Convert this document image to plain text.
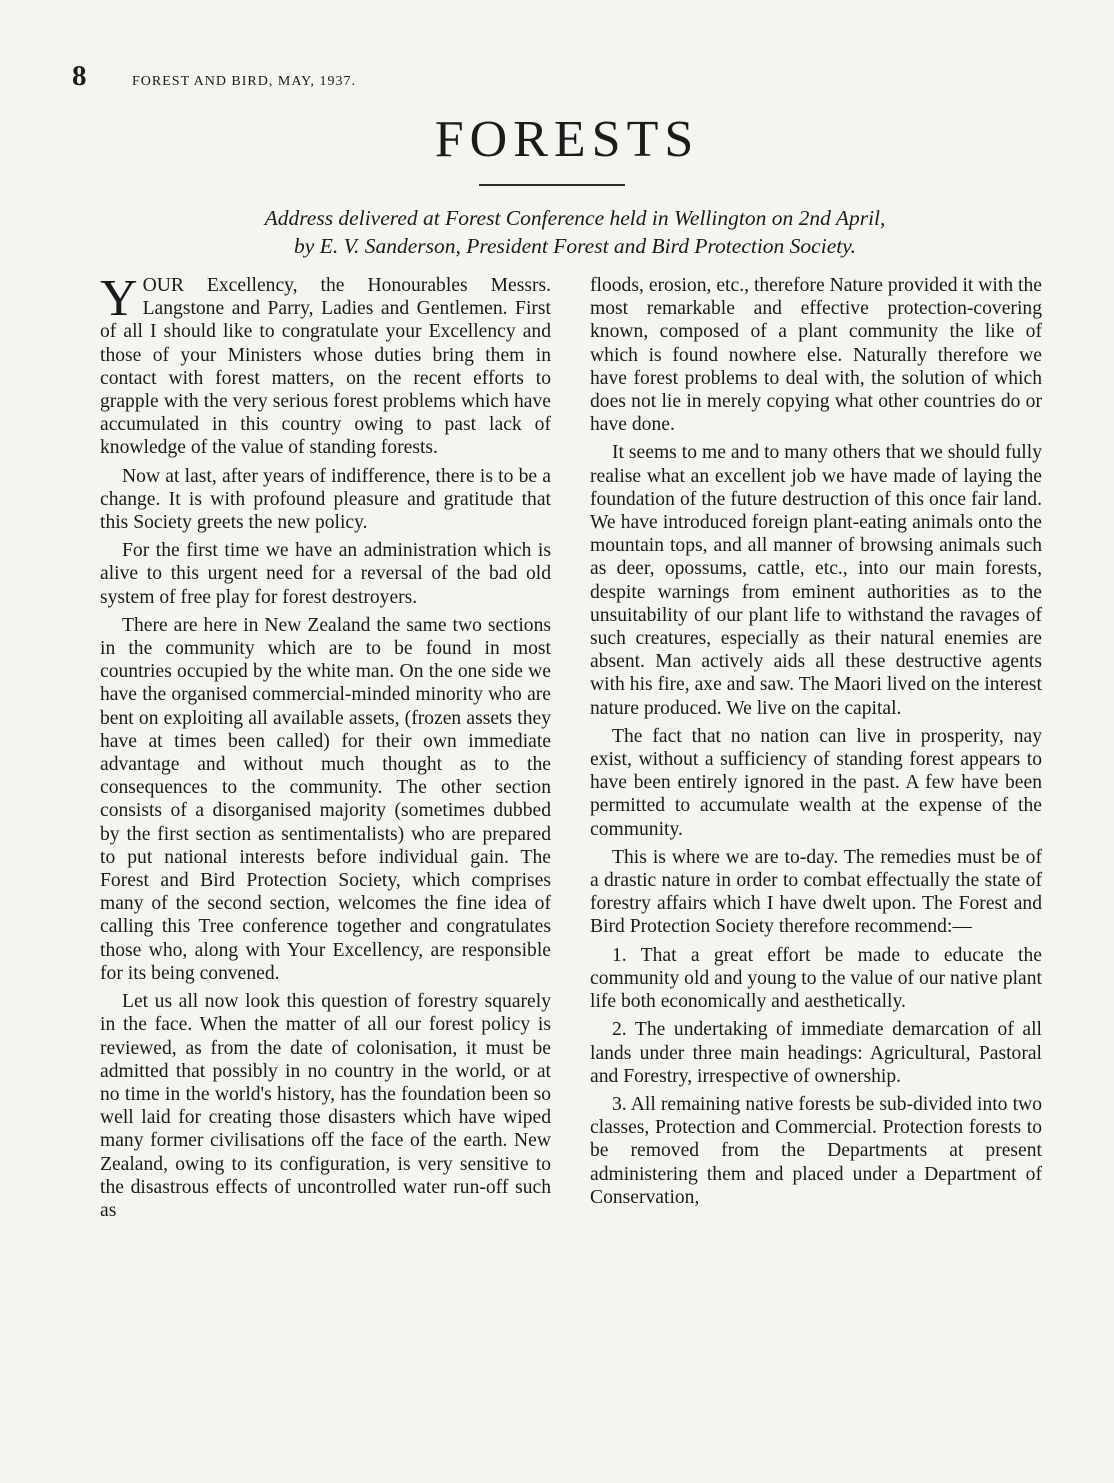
8	FOREST AND BIRD, MAY, 1937.
FORESTS
Address delivered at Forest Conference held in Wellington on 2nd April,
by E. V. Sanderson, President Forest and Bird Protection Society.

YOUR Excellency, the Honourables Messrs. Langstone and Parry, Ladies and Gentlemen. First of all I should like to congratulate your Excellency and those of your Ministers whose duties bring them in contact with forest matters, on the recent efforts to grapple with the very serious forest problems which have accumulated in this country owing to past lack of knowledge of the value of standing forests.

Now at last, after years of indifference, there is to be a change. It is with profound pleasure and gratitude that this Society greets the new policy.

For the first time we have an administration which is alive to this urgent need for a reversal of the bad old system of free play for forest destroyers.

There are here in New Zealand the same two sections in the community which are to be found in most countries occupied by the white man. On the one side we have the organised commercial-minded minority who are bent on exploiting all available assets, (frozen assets they have at times been called) for their own immediate advantage and without much thought as to the consequences to the community. The other section consists of a disorganised majority (sometimes dubbed by the first section as sentimentalists) who are prepared to put national interests before individual gain. The Forest and Bird Protection Society, which comprises many of the second section, welcomes the fine idea of calling this Tree conference together and congratulates those who, along with Your Excellency, are responsible for its being convened.

Let us all now look this question of forestry squarely in the face. When the matter of all our forest policy is reviewed, as from the date of colonisation, it must be admitted that possibly in no country in the world, or at no time in the world's history, has the foundation been so well laid for creating those disasters which have wiped many former civilisations off the face of the earth. New Zealand, owing to its configuration, is very sensitive to the disastrous effects of uncontrolled water run-off such as

floods, erosion, etc., therefore Nature provided it with the most remarkable and effective protection-covering known, composed of a plant community the like of which is found nowhere else. Naturally therefore we have forest problems to deal with, the solution of which does not lie in merely copying what other countries do or have done.

It seems to me and to many others that we should fully realise what an excellent job we have made of laying the foundation of the future destruction of this once fair land. We have introduced foreign plant-eating animals onto the mountain tops, and all manner of browsing animals such as deer, opossums, cattle, etc., into our main forests, despite warnings from eminent authorities as to the unsuitability of our plant life to withstand the ravages of such creatures, especially as their natural enemies are absent. Man actively aids all these destructive agents with his fire, axe and saw. The Maori lived on the interest nature produced. We live on the capital.

The fact that no nation can live in prosperity, nay exist, without a sufficiency of standing forest appears to have been entirely ignored in the past. A few have been permitted to accumulate wealth at the expense of the community.

This is where we are to-day. The remedies must be of a drastic nature in order to combat effectually the state of forestry affairs which I have dwelt upon. The Forest and Bird Protection Society therefore recommend:—

1. That a great effort be made to educate the community old and young to the value of our native plant life both economically and aesthetically.

2. The undertaking of immediate demarcation of all lands under three main headings: Agricultural, Pastoral and Forestry, irrespective of ownership.

3. All remaining native forests be sub-divided into two classes, Protection and Commercial. Protection forests to be removed from the Departments at present administering them and placed under a Department of Conservation,
